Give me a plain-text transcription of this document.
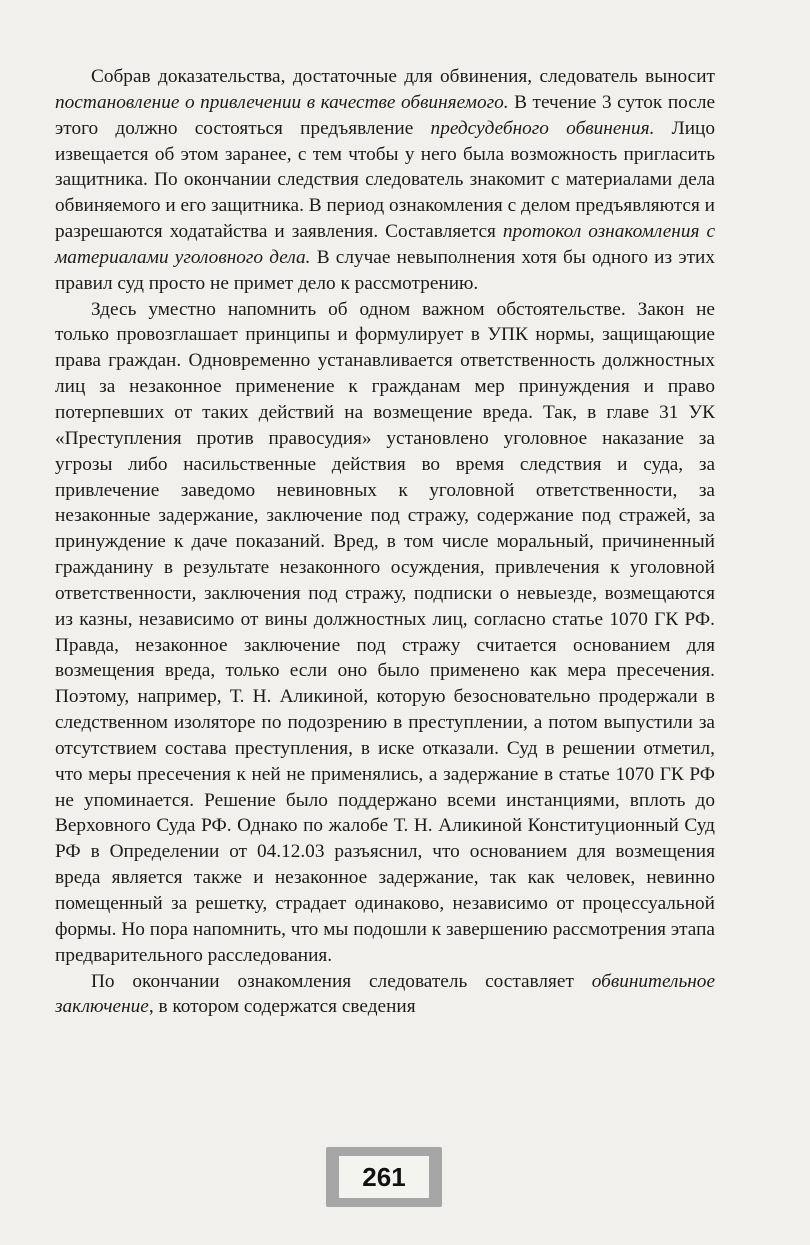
Собрав доказательства, достаточные для обвинения, следователь выносит постановление о привлечении в качестве обвиняемого. В течение 3 суток после этого должно состояться предъявление предсудебного обвинения. Лицо извещается об этом заранее, с тем чтобы у него была возможность пригласить защитника. По окончании следствия следователь знакомит с материалами дела обвиняемого и его защитника. В период ознакомления с делом предъявляются и разрешаются ходатайства и заявления. Составляется протокол ознакомления с материалами уголовного дела. В случае невыполнения хотя бы одного из этих правил суд просто не примет дело к рассмотрению.

Здесь уместно напомнить об одном важном обстоятельстве. Закон не только провозглашает принципы и формулирует в УПК нормы, защищающие права граждан. Одновременно устанавливается ответственность должностных лиц за незаконное применение к гражданам мер принуждения и право потерпевших от таких действий на возмещение вреда. Так, в главе 31 УК «Преступления против правосудия» установлено уголовное наказание за угрозы либо насильственные действия во время следствия и суда, за привлечение заведомо невиновных к уголовной ответственности, за незаконные задержание, заключение под стражу, содержание под стражей, за принуждение к даче показаний. Вред, в том числе моральный, причиненный гражданину в результате незаконного осуждения, привлечения к уголовной ответственности, заключения под стражу, подписки о невыезде, возмещаются из казны, независимо от вины должностных лиц, согласно статье 1070 ГК РФ. Правда, незаконное заключение под стражу считается основанием для возмещения вреда, только если оно было применено как мера пресечения. Поэтому, например, Т. Н. Аликиной, которую безосновательно продержали в следственном изоляторе по подозрению в преступлении, а потом выпустили за отсутствием состава преступления, в иске отказали. Суд в решении отметил, что меры пресечения к ней не применялись, а задержание в статье 1070 ГК РФ не упоминается. Решение было поддержано всеми инстанциями, вплоть до Верховного Суда РФ. Однако по жалобе Т. Н. Аликиной Конституционный Суд РФ в Определении от 04.12.03 разъяснил, что основанием для возмещения вреда является также и незаконное задержание, так как человек, невинно помещенный за решетку, страдает одинаково, независимо от процессуальной формы. Но пора напомнить, что мы подошли к завершению рассмотрения этапа предварительного расследования.

По окончании ознакомления следователь составляет обвинительное заключение, в котором содержатся сведения

261
